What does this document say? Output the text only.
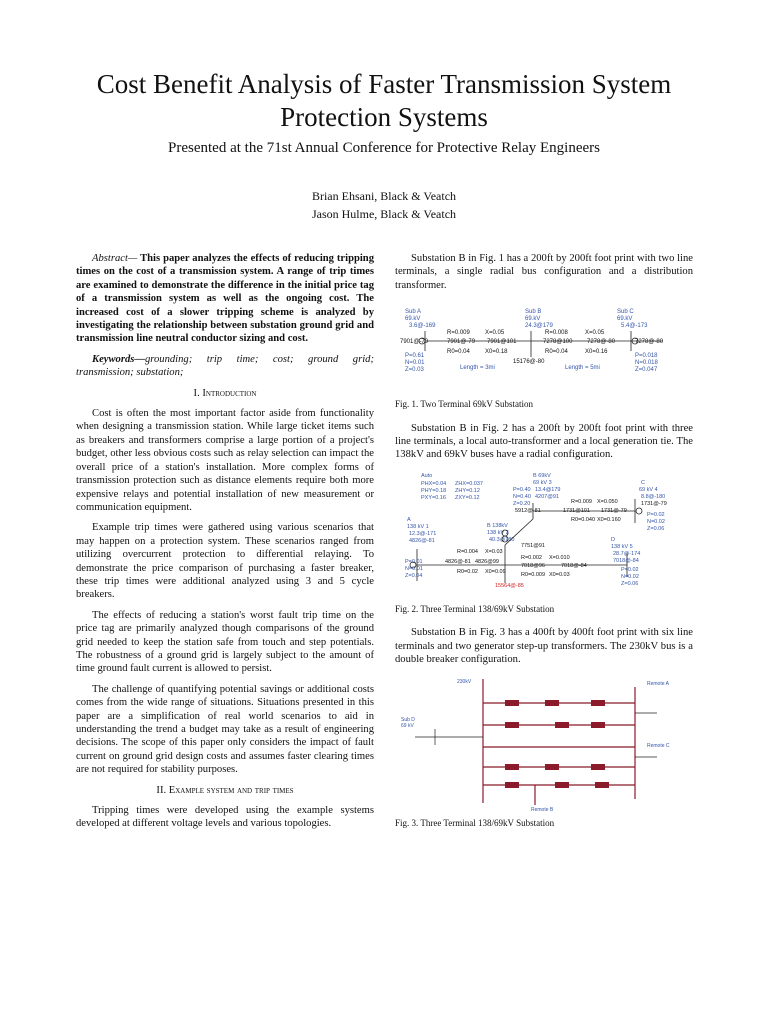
Cost Benefit Analysis of Faster Transmission System
Protection Systems
Presented at the 71st Annual Conference for Protective Relay Engineers
Brian Ehsani, Black & Veatch
Jason Hulme, Black & Veatch

Abstract— This paper analyzes the effects of reducing tripping times on the cost of a transmission system. A range of trip times are examined to demonstrate the difference in the initial price tag of a transmission system as well as the ongoing cost. The increased cost of a slower tripping scheme is analyzed by investigating the relationship between substation ground grid and transmission line neutral conductor sizing and cost.

Keywords—grounding; trip time; cost; ground grid; transmission; substation;

I. Introduction

Cost is often the most important factor aside from functionality when designing a transmission station. While large ticket items such as breakers and transformers comprise a large portion of a project's budget, other less obvious costs such as relay selection can impact the overall price of a station's installation. More complex forms of transmission protection such as distance elements require both more expensive relays and potential installation of new measurement or communication equipment.

Example trip times were gathered using various scenarios that may happen on a protection system. These scenarios ranged from utilizing overcurrent protection to differential relaying. To demonstrate the price comparison of purchasing a faster breaker, these trip times were additional analyzed using 3 and 5 cycle breakers.

The effects of reducing a station's worst fault trip time on the price tag are primarily analyzed though comparisons of the ground grid needed to keep the station safe from touch and step potentials. The robustness of a ground grid is largely subject to the amount of time ground fault current is allowed to persist.

The challenge of quantifying potential savings or additional costs comes from the wide range of situations. Situations presented in this paper are a simplification of real world scenarios to aid in understanding the trend a budget may take as a result of engineering decisions. The scope of this paper only considers the impact of fault current on ground grid design costs and assumes faster clearing times are not required for stability purposes.

II. Example system and trip times

Tripping times were developed using the example systems developed at different voltage levels and various topologies.

Substation B in Fig. 1 has a 200ft by 200ft foot print with two line terminals, a single radial bus configuration and a distribution transformer.

Sub A
69.kV
3.6@-169
Sub B
69.kV
24.3@179
Sub C
69.kV
5.4@-173
P=0.61
N=0.01
Z=0.03
P=0.018
N=0.018
Z=0.047
Length = 3mi	Length = 5mi
7901@-79	7901@-79 7901@101
R=0.009	X=0.05
R0=0.04	X0=0.18
R=0.008	X=0.05
R0=0.04	X0=0.16
7278@100 7278@-80	7278@-80
15176@-80
Fig. 1. Two Terminal 69kV Substation

Substation B in Fig. 2 has a 200ft by 200ft foot print with three line terminals, a local auto-transformer and a local generation tie. The 138kV and 69kV buses have a radial configuration.

Auto
PHX=0.04
PHY=0.18
PXY=0.16
ZHX=0.037
ZHY=0.12
ZXY=0.12
B 69kV
69 kV 3
13.4@179
4207@91
P=0.40
N=0.40
Z=0.20
C
69 kV 4
8.8@-180
P=0.02
N=0.02
Z=0.06
A
138 kV 1
12.3@-171
4826@-81
P=0.01
N=0.01
Z=0.04
B 138kV
138 kV 2
40.3@180	D
138 kV 5
28.7@-174
7018@-84
P=0.02
N=0.02
Z=0.06
1731@-79
5912@-81	1731@101 1731@-79
R=0.009 X=0.050
R0=0.040 X0=0.160
R=0.004 X=0.03
R0=0.02 X0=0.09
4826@-81 4826@99
7751@91
7018@96	7018@-84
R=0.002 X=0.010
R0=0.009 X0=0.03
15564@-85
Fig. 2. Three Terminal 138/69kV Substation

Substation B in Fig. 3 has a 400ft by 400ft foot print with six line terminals and two generator step-up transformers. The 230kV bus is a double breaker configuration.

230kV
Sub D
69 kV
Remote A
Remote C
Remote B
Fig. 3. Three Terminal 138/69kV Substation
